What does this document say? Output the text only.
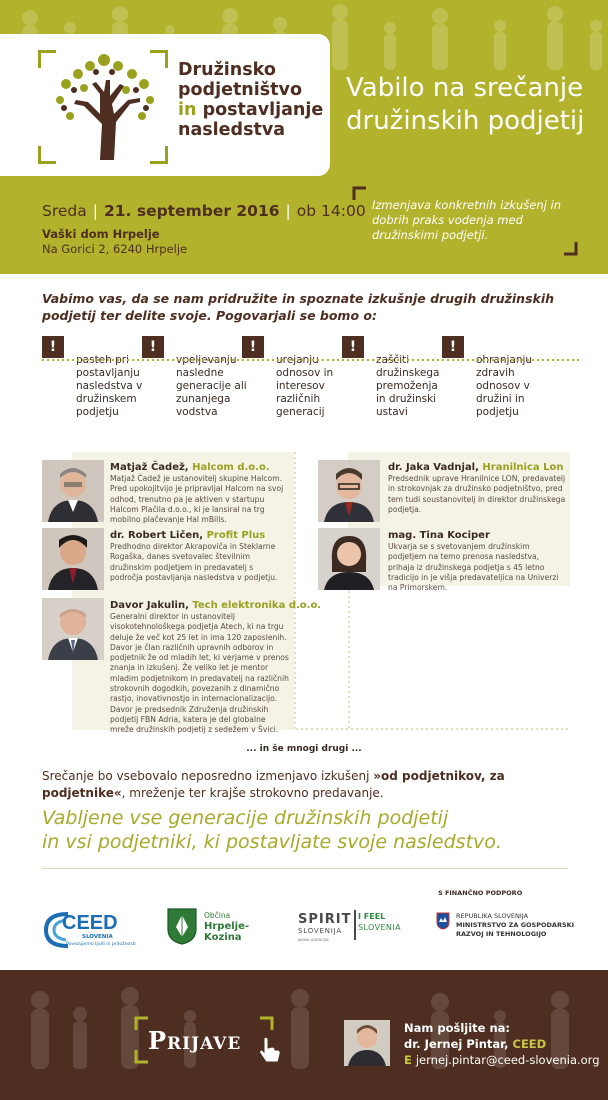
Družinsko
podjetništvo
in postavljanje
nasledstva
Vabilo na srečanje
družinskih podjetij
Sreda | 21. september 2016 | ob 14:00
Vaški dom Hrpelje
Na Gorici 2, 6240 Hrpelje
Izmenjava konkretnih izkušenj in dobrih praks vodenja med družinskimi podjetji.
Vabimo vas, da se nam pridružite in spoznate izkušnje drugih družinskih podjetij ter delite svoje. Pogovarjali se bomo o:
!
pasteh pri postavljanju nasledstva v družinskem podjetju
!
vpeljevanju nasledne generacije ali zunanjega vodstva
!
urejanju odnosov in interesov različnih generacij
!
zaščiti družinskega premoženja in družinski ustavi
!
ohranjanju zdravih odnosov v družini in podjetju
Matjaž Čadež, Halcom d.o.o.
Matjaž Čadež je ustanovitelj skupine Halcom. Pred upokojitvijo je pripravljal Halcom na svoj odhod, trenutno pa je aktiven v startupu Halcom Plačila d.o.o., ki je lansiral na trg mobilno plačevanje Hal mBills.
dr. Robert Ličen, Profit Plus
Predhodno direktor Akrapoviča in Steklarne Rogaška, danes svetovalec številnim družinskim podjetjem in predavatelj s področja postavljanja nasledstva v podjetju.
Davor Jakulin, Tech elektronika d.o.o.
Generalni direktor in ustanovitelj visokotehnološkega podjetja Atech, ki na trgu deluje že več kot 25 let in ima 120 zaposlenih. Davor je član različnih upravnih odborov in podjetnik že od mladih let, ki verjame v prenos znanja in izkušenj. Že veliko let je mentor mladim podjetnikom in predavatelj na različnih strokovnih dogodkih, povezanih z dinamično rastjo, inovativnostjo in internacionalizacijo. Davor je predsednik Združenja družinskih podjetij FBN Adria, katera je del globalne mreže družinskih podjetij z sedežem v Švici.
dr. Jaka Vadnjal, Hranilnica Lon
Predsednik uprave Hranilnice LON, predavatelj in strokovnjak za družinsko podjetništvo, pred tem tudi soustanovitelj in direktor družinskega podjetja.
mag. Tina Kociper
Ukvarja se s svetovanjem družinskim podjetjem na temo prenosa nasledstva, prihaja iz družinskega podjetja s 45 letno tradicijo in je višja predavateljica na Univerzi na Primorskem.
... in še mnogi drugi ...
Srečanje bo vsebovalo neposredno izmenjavo izkušenj »od podjetnikov, za podjetnike«, mreženje ter krajše strokovno predavanje.
Vabljene vse generacije družinskih podjetij
in vsi podjetniki, ki postavljate svoje nasledstvo.
S FINANČNO PODPORO
CEED
SLOVENIA
Povezujemo ljudi in priložnosti
Občina
Hrpelje-Kozina
SPIRIT
SLOVENIJA
JAVNA AGENCIJA
I FEEL
SLOVENIA
REPUBLIKA SLOVENIJA
MINISTRSTVO ZA GOSPODARSKI
RAZVOJ IN TEHNOLOGIJO
Prijave	Nam pošljite na:
dr. Jernej Pintar, CEED
E jernej.pintar@ceed-slovenia.org
